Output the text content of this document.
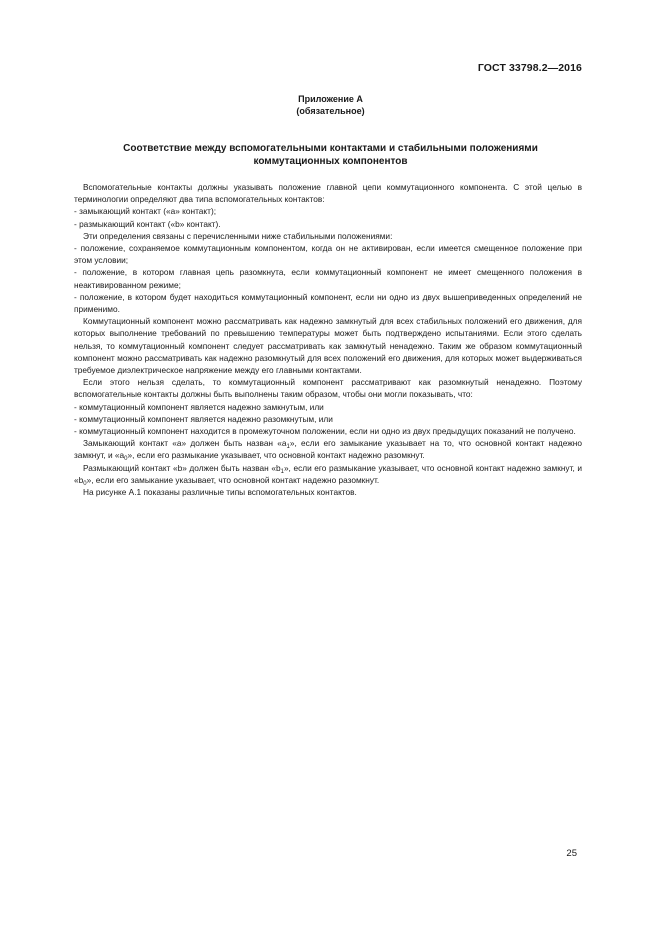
ГОСТ 33798.2—2016
Приложение А
(обязательное)
Соответствие между вспомогательными контактами и стабильными положениями
коммутационных компонентов

Вспомогательные контакты должны указывать положение главной цепи коммутационного компонента. С этой целью в терминологии определяют два типа вспомогательных контактов:

- замыкающий контакт («а» контакт);

- размыкающий контакт («b» контакт).

Эти определения связаны с перечисленными ниже стабильными положениями:

- положение, сохраняемое коммутационным компонентом, когда он не активирован, если имеется смещенное положение при этом условии;

- положение, в котором главная цепь разомкнута, если коммутационный компонент не имеет смещенного положения в неактивированном режиме;

- положение, в котором будет находиться коммутационный компонент, если ни одно из двух вышеприведенных определений не применимо.

Коммутационный компонент можно рассматривать как надежно замкнутый для всех стабильных положений его движения, для которых выполнение требований по превышению температуры может быть подтверждено испытаниями. Если этого сделать нельзя, то коммутационный компонент следует рассматривать как замкнутый ненадежно. Таким же образом коммутационный компонент можно рассматривать как надежно разомкнутый для всех положений его движения, для которых может выдерживаться требуемое диэлектрическое напряжение между его главными контактами.

Если этого нельзя сделать, то коммутационный компонент рассматривают как разомкнутый ненадежно. Поэтому вспомогательные контакты должны быть выполнены таким образом, чтобы они могли показывать, что:

- коммутационный компонент является надежно замкнутым, или

- коммутационный компонент является надежно разомкнутым, или

- коммутационный компонент находится в промежуточном положении, если ни одно из двух предыдущих показаний не получено.

Замыкающий контакт «а» должен быть назван «$а_1$», если его замыкание указывает на то, что основной контакт надежно замкнут, и «$а_0$», если его размыкание указывает, что основной контакт надежно разомкнут.

Размыкающий контакт «b» должен быть назван «$b_1$», если его размыкание указывает, что основной контакт надежно замкнут, и «$b_0$», если его замыкание указывает, что основной контакт надежно разомкнут.

На рисунке А.1 показаны различные типы вспомогательных контактов.

25
